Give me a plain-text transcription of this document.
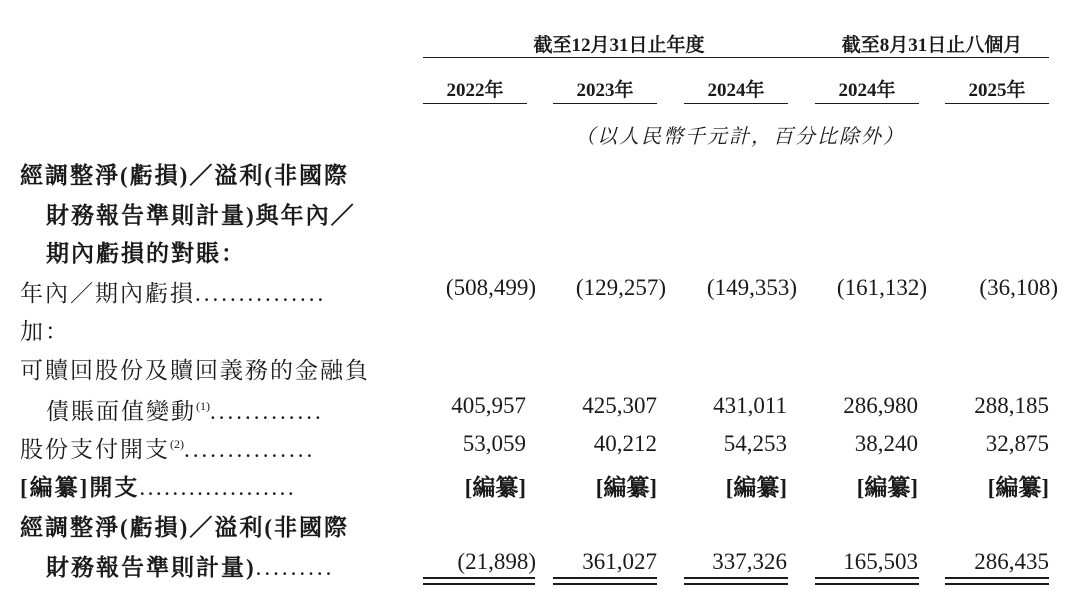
截至12月31日止年度	截至8月31日止八個月
2022年	2023年	2024年	2024年	2025年
（以人民幣千元計，百分比除外）
經調整淨(虧損)／溢利(非國際
財務報告準則計量)與年內／
期內虧損的對賬：
年內／期內虧損...............	(508,499) (129,257) (149,353) (161,132) (36,108)
加：
可贖回股份及贖回義務的金融負
債賬面值變動$^{(1)}$.............	405,957 425,307 431,011 286,980 288,185
股份支付開支$^{(2)}$...............	53,059	40,212	54,253	38,240	32,875
[編纂]開支...................	[編纂]	[編纂]	[編纂]	[編纂]	[編纂]
經調整淨(虧損)／溢利(非國際
財務報告準則計量).........	(21,898) 361,027 337,326 165,503 286,435
